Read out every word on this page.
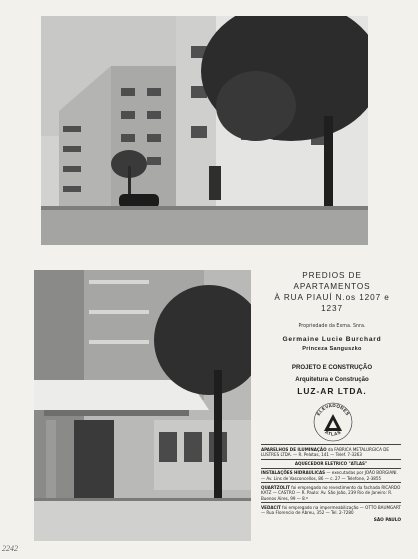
PREDIOS DE APARTAMENTOS
À RUA PIAUÍ N.os 1207 e 1237
Propriedade da Exma. Snra.
Germaine Lucie Burchard
Princeza Sanguszko
PROJETO E CONSTRUÇÃO
Arquitetura e Construção
LUZ-AR LTDA.
ELEVADORES
ATLAS
APARELHOS DE ILUMINAÇÃO da FABRICA METALURGICA DE LUSTRES LTDA. — R. Pelotas, 141 — Telef. 7-3263
AQUECEDOR ELETRICO "ATLAS"
INSTALAÇÕES HIDRAULICAS — executadas por JOÃO BORGIANI. — Av. Lins de Vasconcellos, 86 — c. 27 — Telefone, 2-3855
QUARTZOLIT foi empregado no revestimento da fachada RICARDO KATZ — CASTRO — R. Paulo: Av. São João, 239 Rio de Janeiro: R. Buenos Aires, 99 — 8.º
VEDACIT foi empregado na impermeabilização — OTTO BAUMGART — Rua Florencio de Abreu, 352 — Tel. 2-7280
SÃO PAULO
2242
